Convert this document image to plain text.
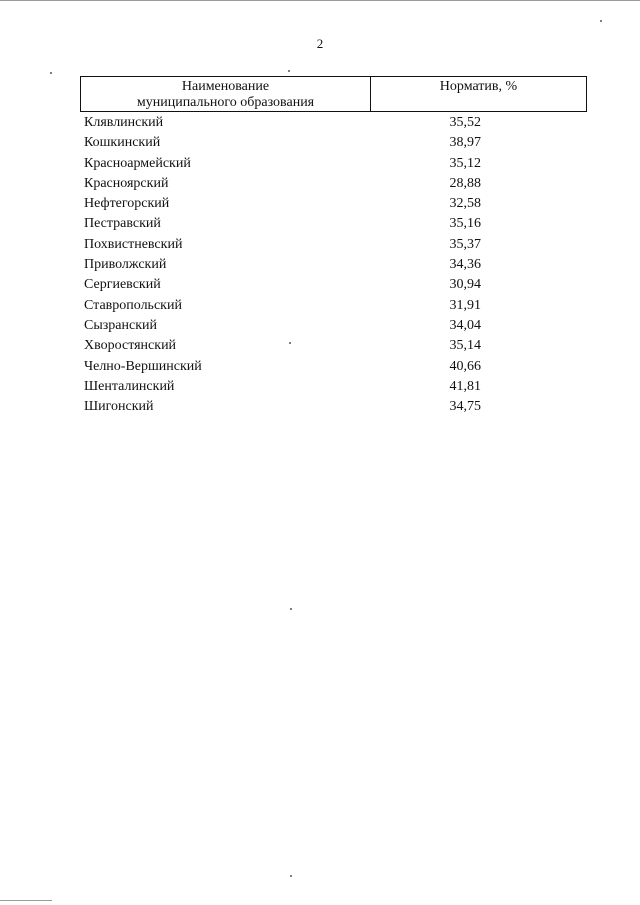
2
Наименование
муниципального образования
	Норматив, %
Клявлинский	35,52
Кошкинский	38,97
Красноармейский	35,12
Красноярский	28,88
Нефтегорский	32,58
Пестравский	35,16
Похвистневский	35,37
Приволжский	34,36
Сергиевский	30,94
Ставропольский	31,91
Сызранский	34,04
Хворостянский	35,14
Челно-Вершинский	40,66
Шенталинский	41,81
Шигонский	34,75
